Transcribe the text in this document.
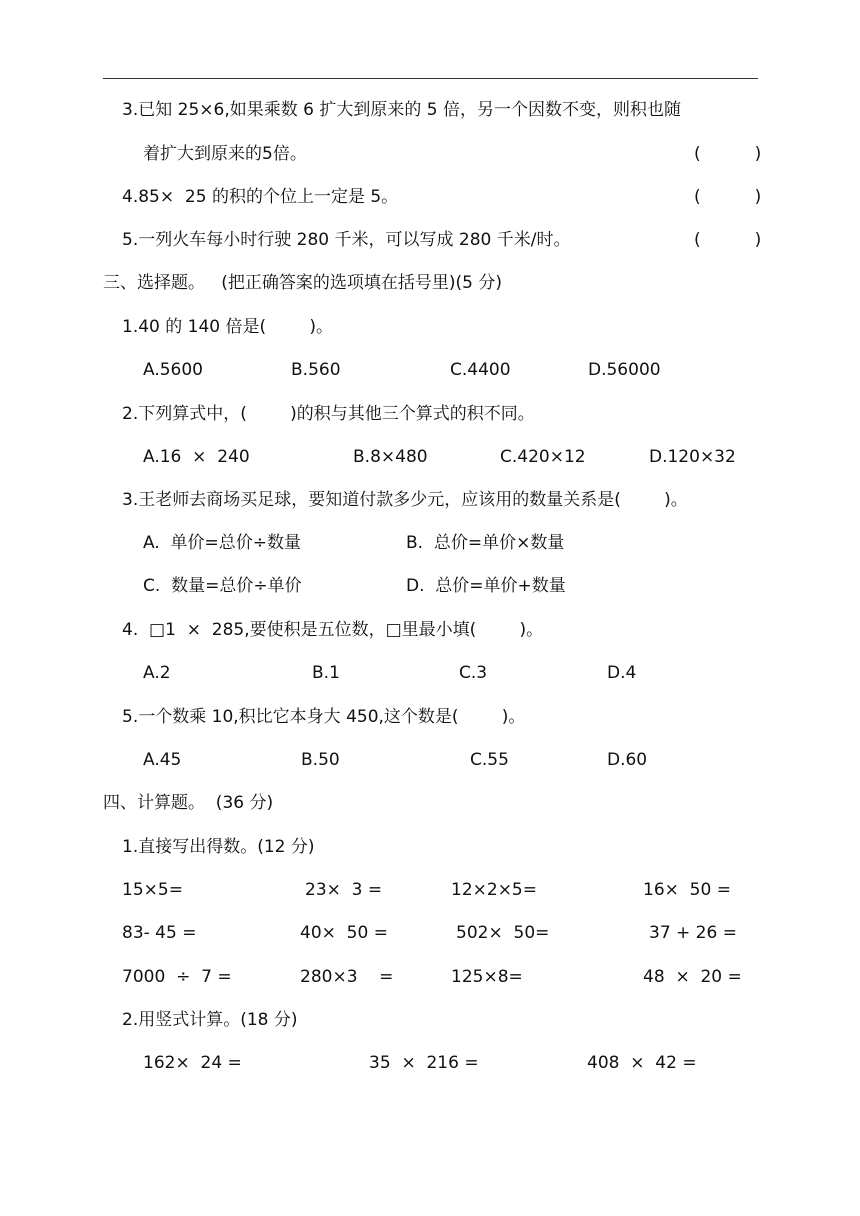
3.已知 25×6,如果乘数 6 扩大到原来的 5 倍，另一个因数不变，则积也随
着扩大到原来的5倍。	(          )
4.85×  25 的积的个位上一定是 5。	(          )
5.一列火车每小时行驶 280 千米，可以写成 280 千米/时。	(          )
三、选择题。   (把正确答案的选项填在括号里)(5 分)
1.40 的 140 倍是(        )。
A.5600	B.560	C.4400	D.56000
2.下列算式中，(        )的积与其他三个算式的积不同。
A.16  ×  240	B.8×480	C.420×12	D.120×32
3.王老师去商场买足球，要知道付款多少元，应该用的数量关系是(        )。
A.  单价=总价÷数量	B.  总价=单价×数量
C.  数量=总价÷单价	D.  总价=单价+数量
4.  □1  ×  285,要使积是五位数，□里最小填(        )。
A.2	B.1	C.3	D.4
5.一个数乘 10,积比它本身大 450,这个数是(        )。
A.45	B.50	C.55	D.60
四、计算题。  (36 分)
1.直接写出得数。(12 分)
15×5=	23×  3 =	12×2×5=	16×  50 =
83- 45 =	40×  50 =	502×  50=	37 + 26 =
7000  ÷  7 =	280×3    =	125×8=	48  ×  20 =
2.用竖式计算。(18 分)
162×  24 =	35  ×  216 =	408  ×  42 =
